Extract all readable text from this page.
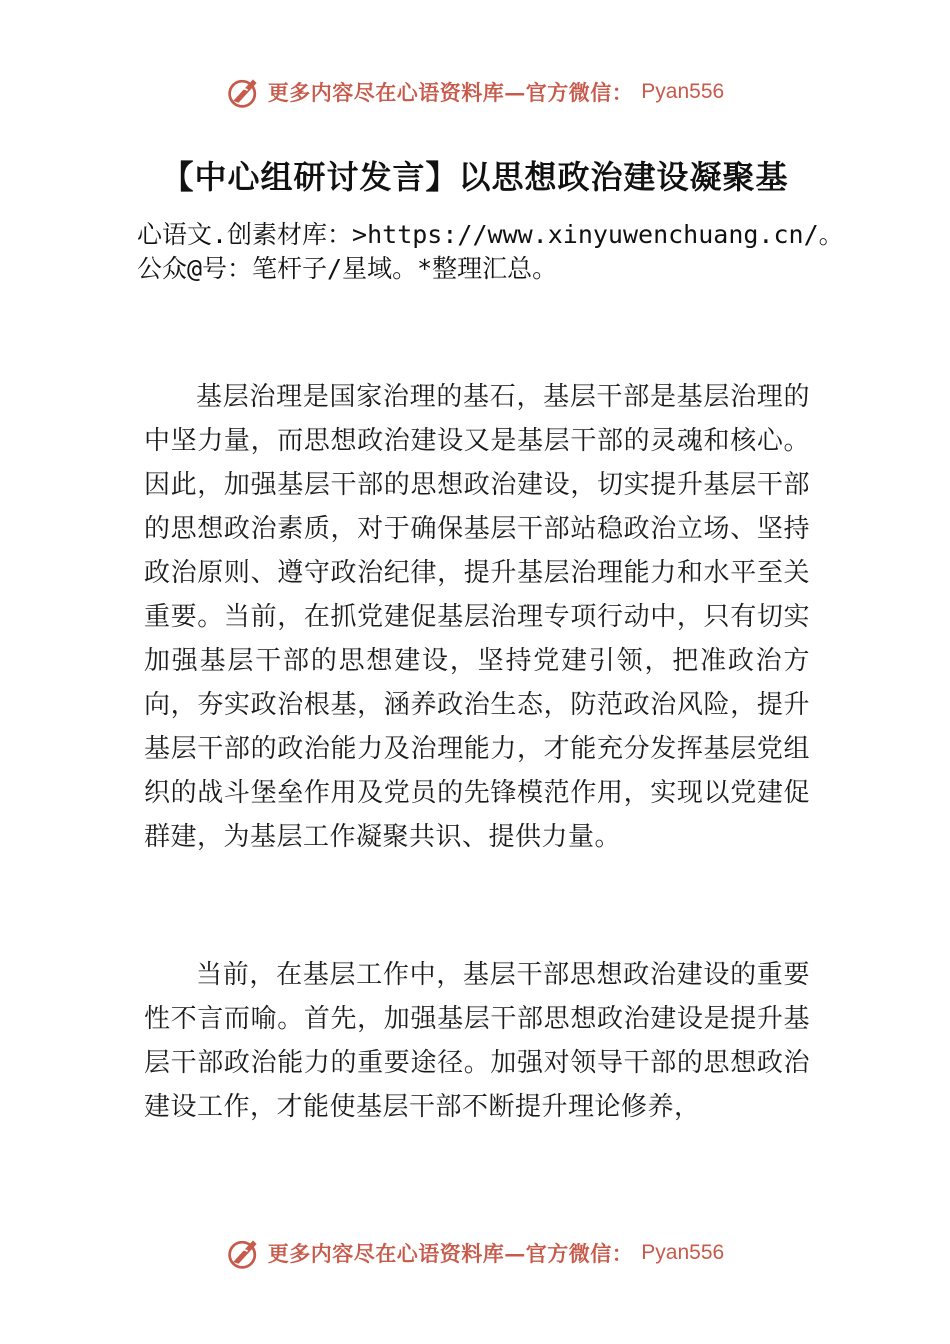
更多内容尽在心语资料库—官方微信： Pyan556
【中心组研讨发言】以思想政治建设凝聚基
心语文.创素材库：>https://www.xinyuwenchuang.cn/。公众@号：笔杆子/星域。*整理汇总。

基层治理是国家治理的基石，基层干部是基层治理的中坚力量，而思想政治建设又是基层干部的灵魂和核心。因此，加强基层干部的思想政治建设，切实提升基层干部的思想政治素质，对于确保基层干部站稳政治立场、坚持政治原则、遵守政治纪律，提升基层治理能力和水平至关重要。当前，在抓党建促基层治理专项行动中，只有切实加强基层干部的思想建设，坚持党建引领，把准政治方向，夯实政治根基，涵养政治生态，防范政治风险，提升基层干部的政治能力及治理能力，才能充分发挥基层党组织的战斗堡垒作用及党员的先锋模范作用，实现以党建促群建，为基层工作凝聚共识、提供力量。

当前，在基层工作中，基层干部思想政治建设的重要性不言而喻。首先，加强基层干部思想政治建设是提升基层干部政治能力的重要途径。加强对领导干部的思想政治建设工作，才能使基层干部不断提升理论修养，

更多内容尽在心语资料库—官方微信： Pyan556
